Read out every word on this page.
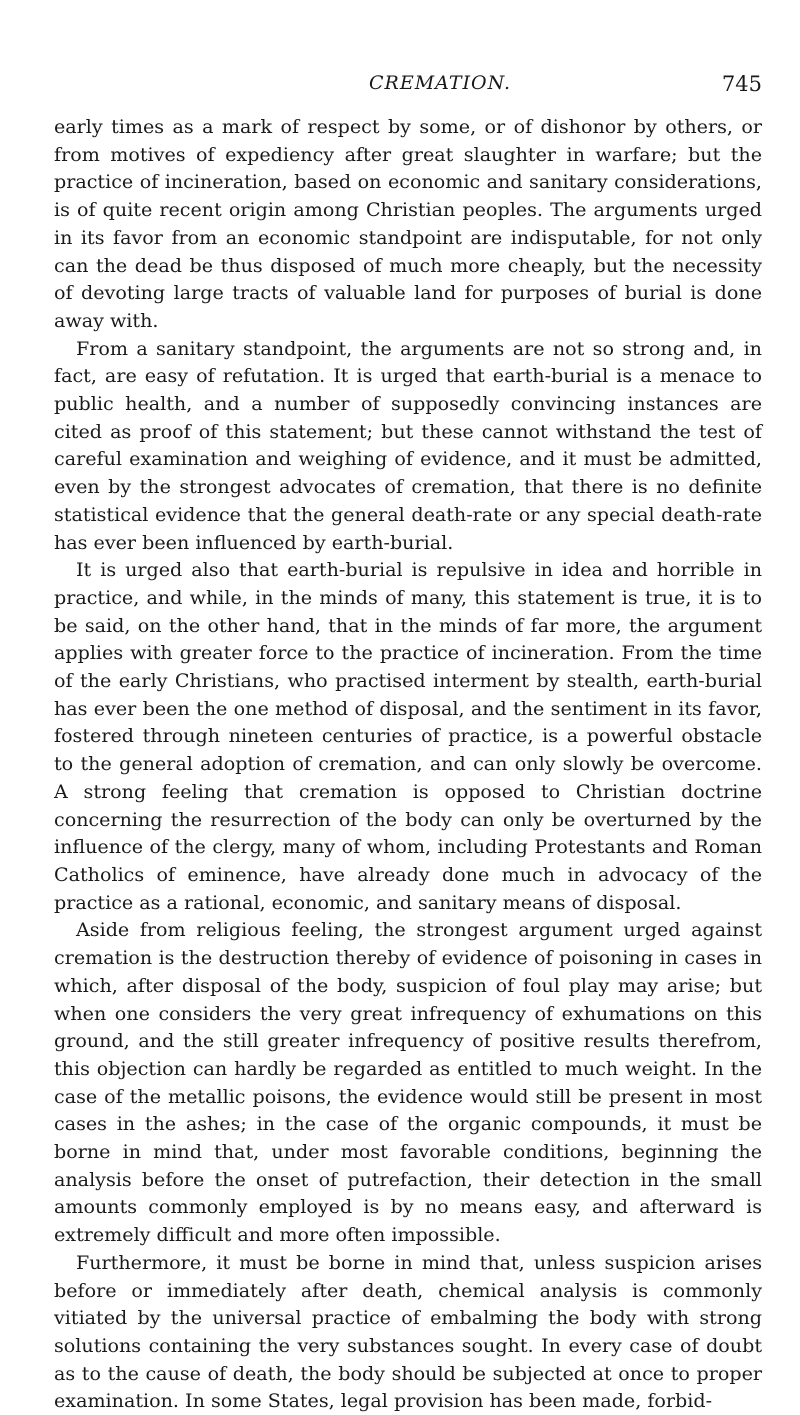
CREMATION.	745

early times as a mark of respect by some, or of dishonor by others, or from motives of expediency after great slaughter in warfare; but the practice of incineration, based on economic and sanitary considerations, is of quite recent origin among Christian peoples. The arguments urged in its favor from an economic standpoint are indisputable, for not only can the dead be thus disposed of much more cheaply, but the necessity of devoting large tracts of valuable land for purposes of burial is done away with.

From a sanitary standpoint, the arguments are not so strong and, in fact, are easy of refutation. It is urged that earth-burial is a menace to public health, and a number of supposedly convincing instances are cited as proof of this statement; but these cannot withstand the test of careful examination and weighing of evidence, and it must be admitted, even by the strongest advocates of cremation, that there is no definite statistical evidence that the general death-rate or any special death-rate has ever been influenced by earth-burial.

It is urged also that earth-burial is repulsive in idea and horrible in practice, and while, in the minds of many, this statement is true, it is to be said, on the other hand, that in the minds of far more, the argument applies with greater force to the practice of incineration. From the time of the early Christians, who practised interment by stealth, earth-burial has ever been the one method of disposal, and the sentiment in its favor, fostered through nineteen centuries of practice, is a powerful obstacle to the general adoption of cremation, and can only slowly be overcome. A strong feeling that cremation is opposed to Christian doctrine concerning the resurrection of the body can only be overturned by the influence of the clergy, many of whom, including Protestants and Roman Catholics of eminence, have already done much in advocacy of the practice as a rational, economic, and sanitary means of disposal.

Aside from religious feeling, the strongest argument urged against cremation is the destruction thereby of evidence of poisoning in cases in which, after disposal of the body, suspicion of foul play may arise; but when one considers the very great infrequency of exhumations on this ground, and the still greater infrequency of positive results therefrom, this objection can hardly be regarded as entitled to much weight. In the case of the metallic poisons, the evidence would still be present in most cases in the ashes; in the case of the organic compounds, it must be borne in mind that, under most favorable conditions, beginning the analysis before the onset of putrefaction, their detection in the small amounts commonly employed is by no means easy, and afterward is extremely difficult and more often impossible.

Furthermore, it must be borne in mind that, unless suspicion arises before or immediately after death, chemical analysis is commonly vitiated by the universal practice of embalming the body with strong solutions containing the very substances sought. In every case of doubt as to the cause of death, the body should be subjected at once to proper examination. In some States, legal provision has been made, forbid-
